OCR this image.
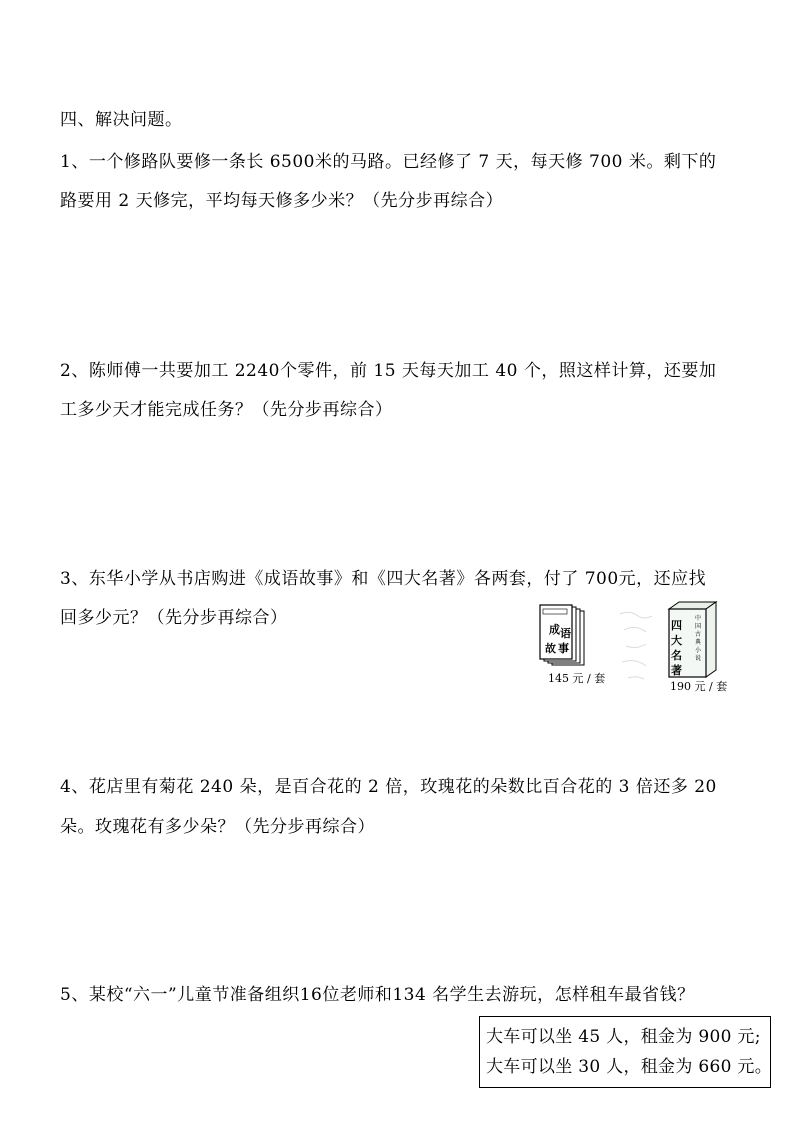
四、解决问题。
1、一个修路队要修一条长 6500米的马路。已经修了 7 天，每天修 700 米。剩下的
路要用 2 天修完，平均每天修多少米？（先分步再综合）
2、陈师傅一共要加工 2240个零件，前 15 天每天加工 40 个，照这样计算，还要加
工多少天才能完成任务？（先分步再综合）
3、东华小学从书店购进《成语故事》和《四大名著》各两套，付了 700元，还应找
回多少元？（先分步再综合）
成 语
故 事
四
大
名
著
中
国
古
典
小
说
145 元 / 套
190 元 / 套
4、花店里有菊花 240 朵，是百合花的 2 倍，玫瑰花的朵数比百合花的 3 倍还多 20
朵。玫瑰花有多少朵？（先分步再综合）
5、某校“六一”儿童节准备组织16位老师和134 名学生去游玩，怎样租车最省钱？
大车可以坐 45 人，租金为 900 元;
大车可以坐 30 人，租金为 660 元。
